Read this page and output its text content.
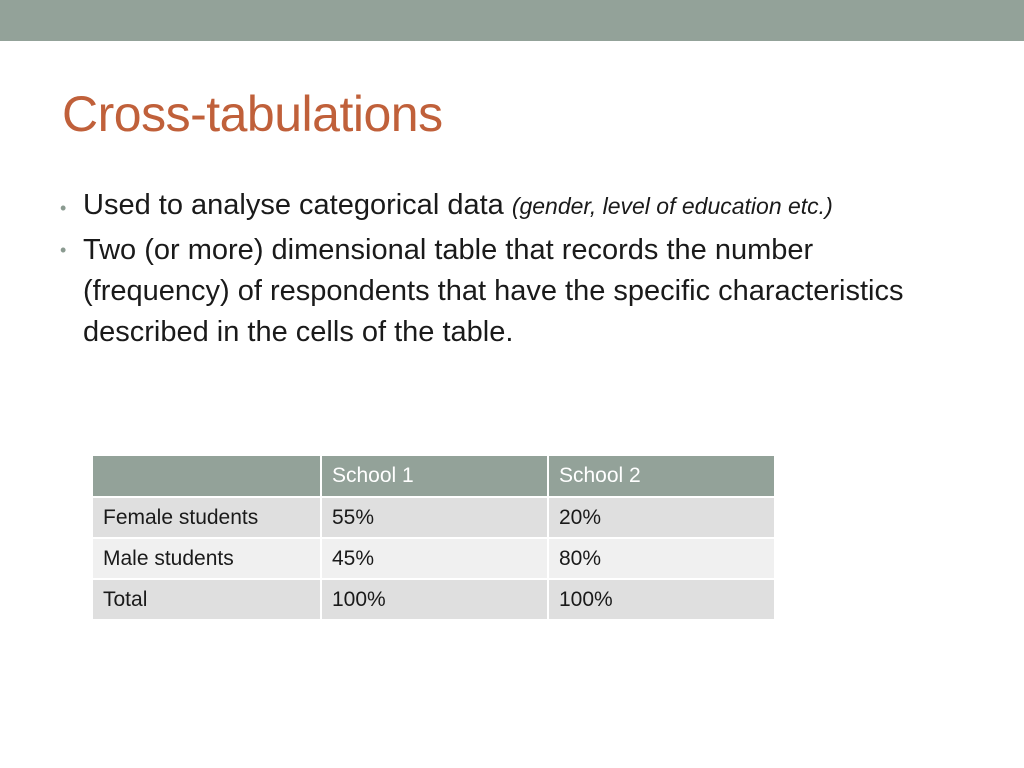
Cross-tabulations
• Used to analyse categorical data (gender, level of education etc.)
• Two (or more) dimensional table that records the number (frequency) of respondents that have the specific characteristics described in the cells of the table.
	School 1	School 2
Female students	55%	20%
Male students	45%	80%
Total	100%	100%
